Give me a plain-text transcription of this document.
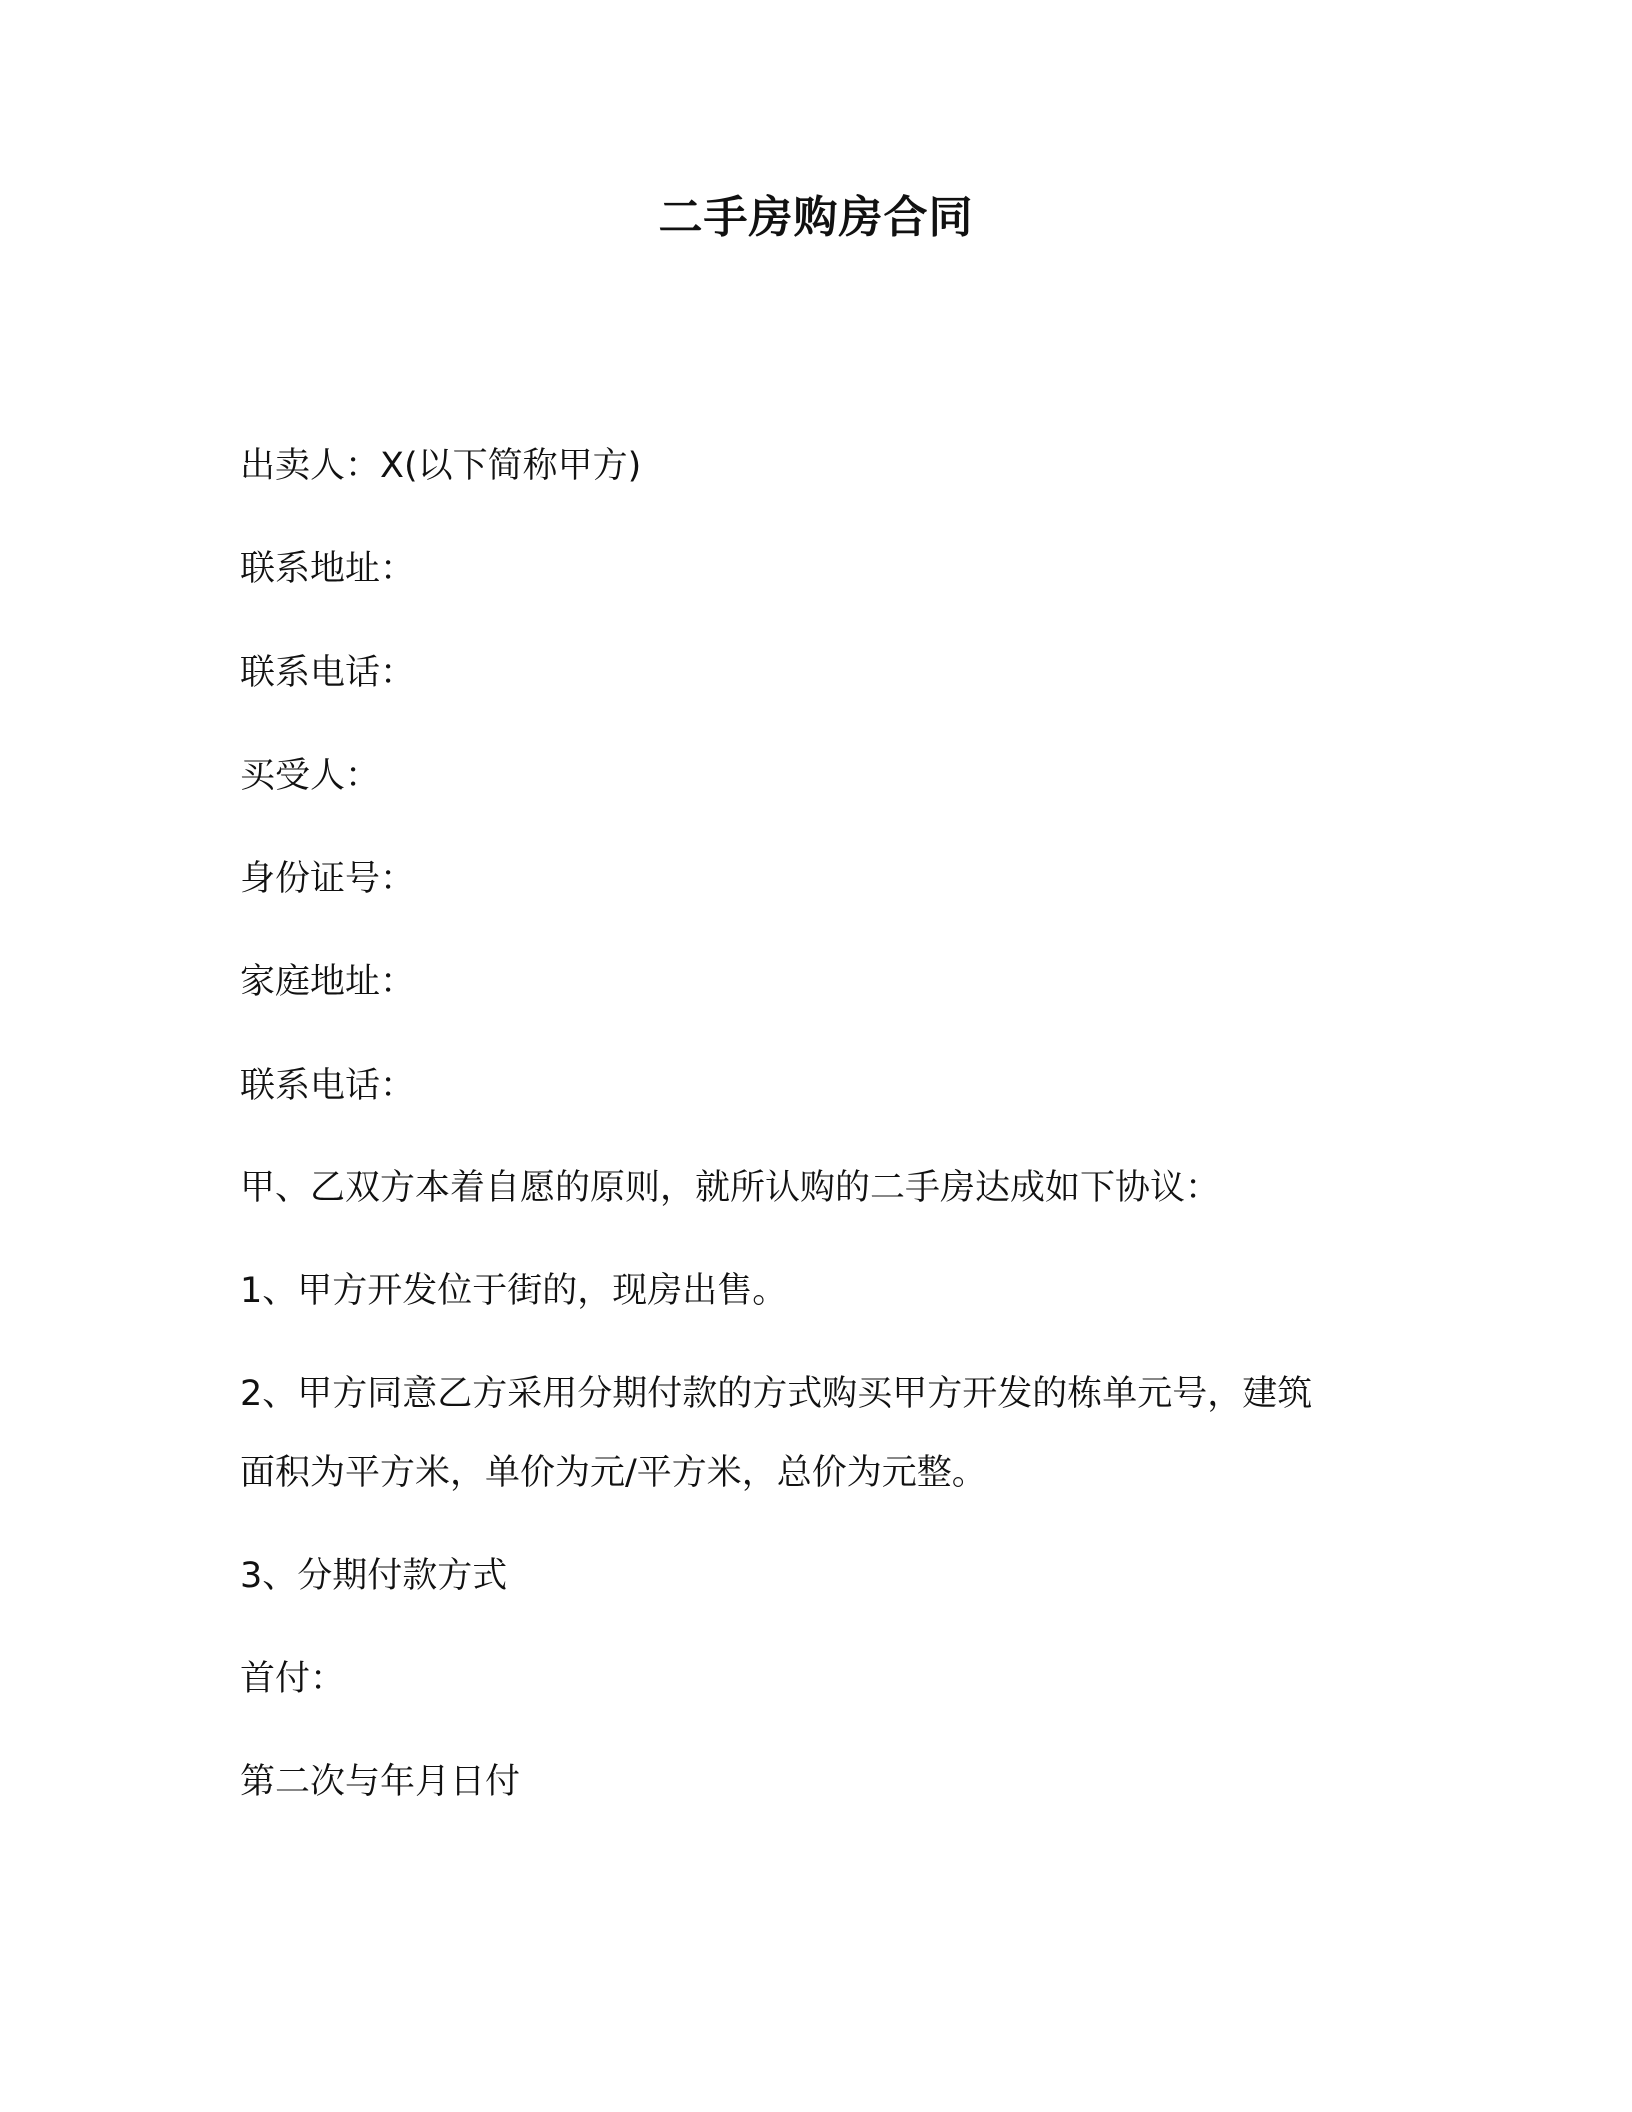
二手房购房合同

出卖人：X(以下简称甲方)

联系地址：

联系电话：

买受人：

身份证号：

家庭地址：

联系电话：

甲、乙双方本着自愿的原则，就所认购的二手房达成如下协议：

1、甲方开发位于街的，现房出售。

2、甲方同意乙方采用分期付款的方式购买甲方开发的栋单元号，建筑

面积为平方米，单价为元/平方米，总价为元整。

3、分期付款方式

首付：

第二次与年月日付
